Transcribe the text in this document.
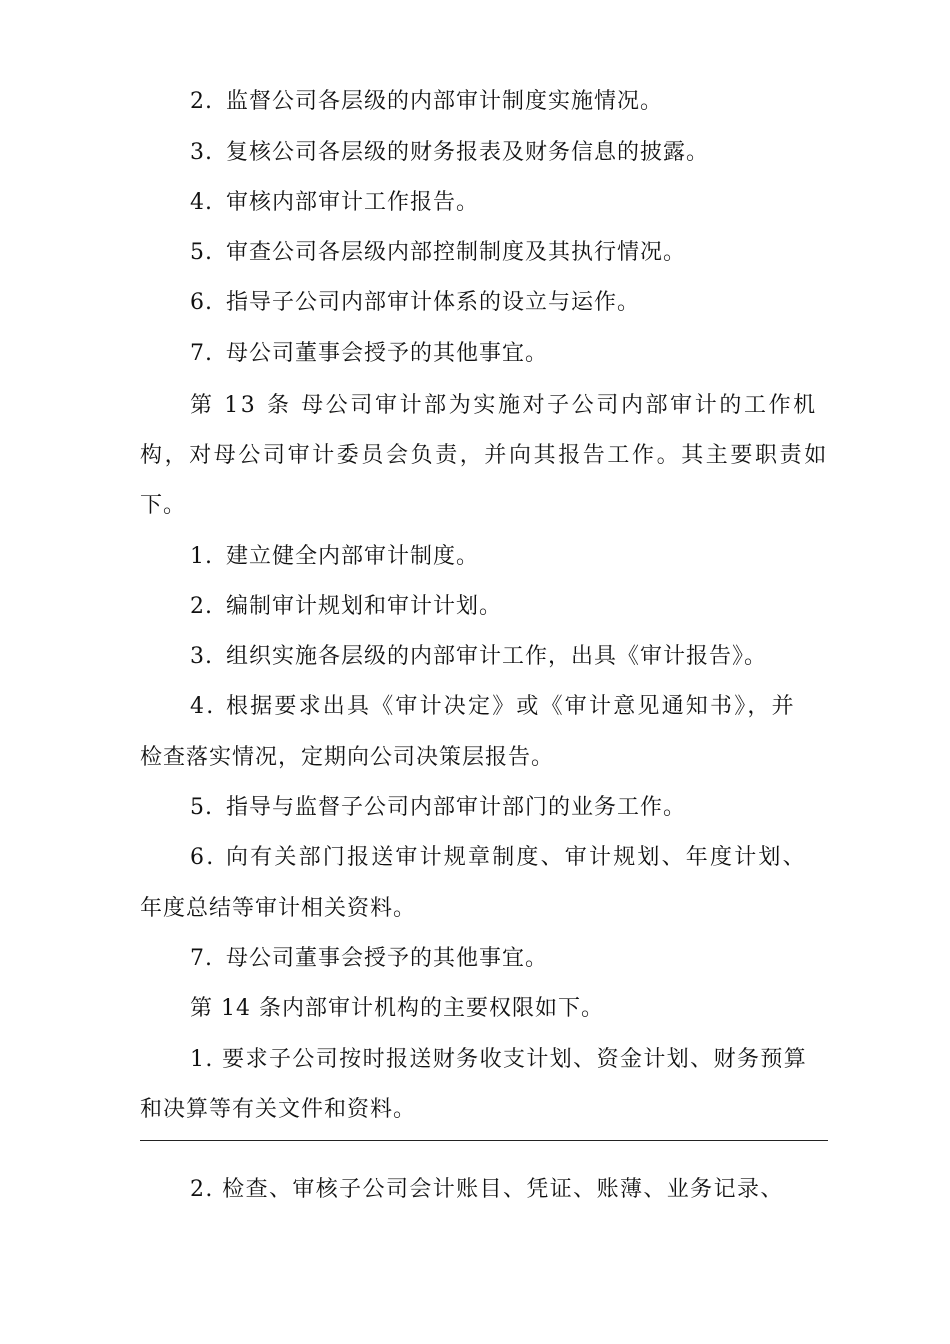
2. 监督公司各层级的内部审计制度实施情况。
3. 复核公司各层级的财务报表及财务信息的披露。
4. 审核内部审计工作报告。
5. 审查公司各层级内部控制制度及其执行情况。
6. 指导子公司内部审计体系的设立与运作。
7. 母公司董事会授予的其他事宜。
第 13 条 母公司审计部为实施对子公司内部审计的工作机
构，对母公司审计委员会负责，并向其报告工作。其主要职责如
下。
1. 建立健全内部审计制度。
2. 编制审计规划和审计计划。
3. 组织实施各层级的内部审计工作，出具《审计报告》。
4. 根据要求出具《审计决定》或《审计意见通知书》，并
检查落实情况，定期向公司决策层报告。
5. 指导与监督子公司内部审计部门的业务工作。
6. 向有关部门报送审计规章制度、审计规划、年度计划、
年度总结等审计相关资料。
7. 母公司董事会授予的其他事宜。
第 14 条内部审计机构的主要权限如下。
1. 要求子公司按时报送财务收支计划、资金计划、财务预算
和决算等有关文件和资料。
2. 检查、审核子公司会计账目、凭证、账薄、业务记录、
